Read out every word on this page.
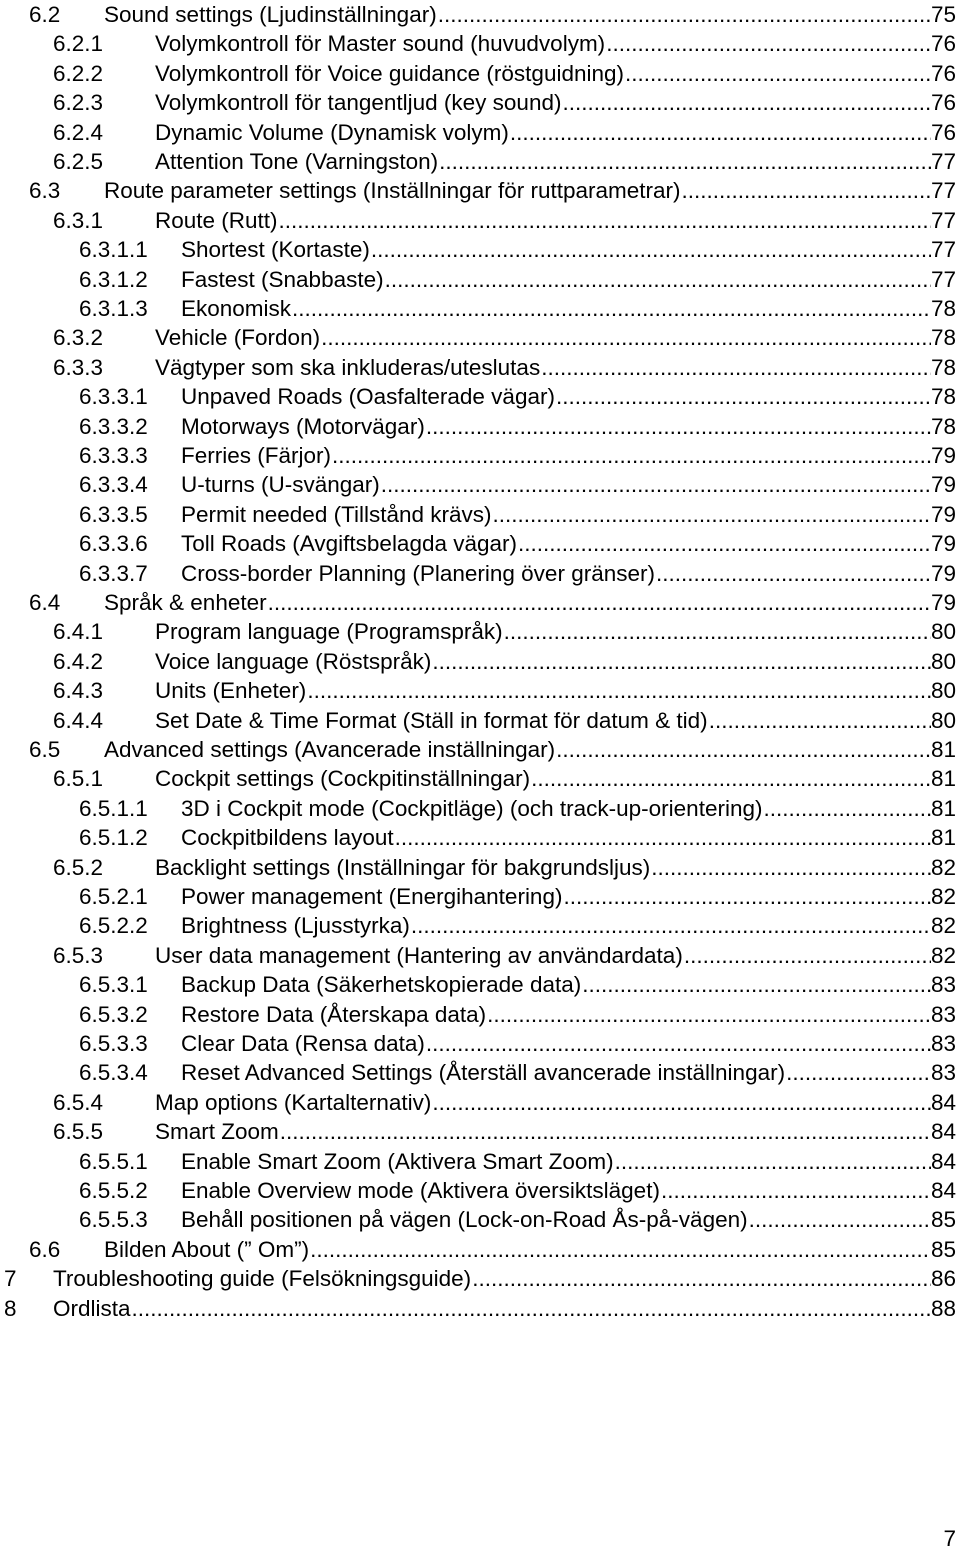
6.2 Sound settings (Ljudinställningar) .....	75
6.2.1 Volymkontroll för Master sound (huvudvolym) .....	76
6.2.2 Volymkontroll för Voice guidance (röstguidning) .....	76
6.2.3 Volymkontroll för tangentljud (key sound) .....	76
6.2.4 Dynamic Volume (Dynamisk volym) .....	76
6.2.5 Attention Tone (Varningston) .....	77
6.3 Route parameter settings (Inställningar för ruttparametrar) .....	77
6.3.1 Route (Rutt) .....	77
6.3.1.1 Shortest (Kortaste) .....	77
6.3.1.2 Fastest (Snabbaste) .....	77
6.3.1.3 Ekonomisk .....	78
6.3.2 Vehicle (Fordon) .....	78
6.3.3 Vägtyper som ska inkluderas/uteslutas .....	78
6.3.3.1 Unpaved Roads (Oasfalterade vägar) .....	78
6.3.3.2 Motorways (Motorvägar) .....	78
6.3.3.3 Ferries (Färjor) .....	79
6.3.3.4 U-turns (U-svängar) .....	79
6.3.3.5 Permit needed (Tillstånd krävs) .....	79
6.3.3.6 Toll Roads (Avgiftsbelagda vägar) .....	79
6.3.3.7 Cross-border Planning (Planering över gränser) .....	79
6.4 Språk & enheter .....	79
6.4.1 Program language (Programspråk) .....	80
6.4.2 Voice language (Röstspråk) .....	80
6.4.3 Units (Enheter) .....	80
6.4.4 Set Date & Time Format (Ställ in format för datum & tid) .....	80
6.5 Advanced settings (Avancerade inställningar) .....	81
6.5.1 Cockpit settings (Cockpitinställningar) .....	81
6.5.1.1 3D i Cockpit mode (Cockpitläge) (och track-up-orientering) .....	81
6.5.1.2 Cockpitbildens layout .....	81
6.5.2 Backlight settings (Inställningar för bakgrundsljus) .....	82
6.5.2.1 Power management (Energihantering) .....	82
6.5.2.2 Brightness (Ljusstyrka) .....	82
6.5.3 User data management (Hantering av användardata) .....	82
6.5.3.1 Backup Data (Säkerhetskopierade data) .....	83
6.5.3.2 Restore Data (Återskapa data) .....	83
6.5.3.3 Clear Data (Rensa data) .....	83
6.5.3.4 Reset Advanced Settings (Återställ avancerade inställningar) .....	83
6.5.4 Map options (Kartalternativ) .....	84
6.5.5 Smart Zoom .....	84
6.5.5.1 Enable Smart Zoom (Aktivera Smart Zoom) .....	84
6.5.5.2 Enable Overview mode (Aktivera översiktsläget) .....	84
6.5.5.3 Behåll positionen på vägen (Lock-on-Road Ås-på-vägen) .....	85
6.6 Bilden About (” Om”) .....	85
7 Troubleshooting guide (Felsökningsguide) .....	86
8 Ordlista .....	88
7
